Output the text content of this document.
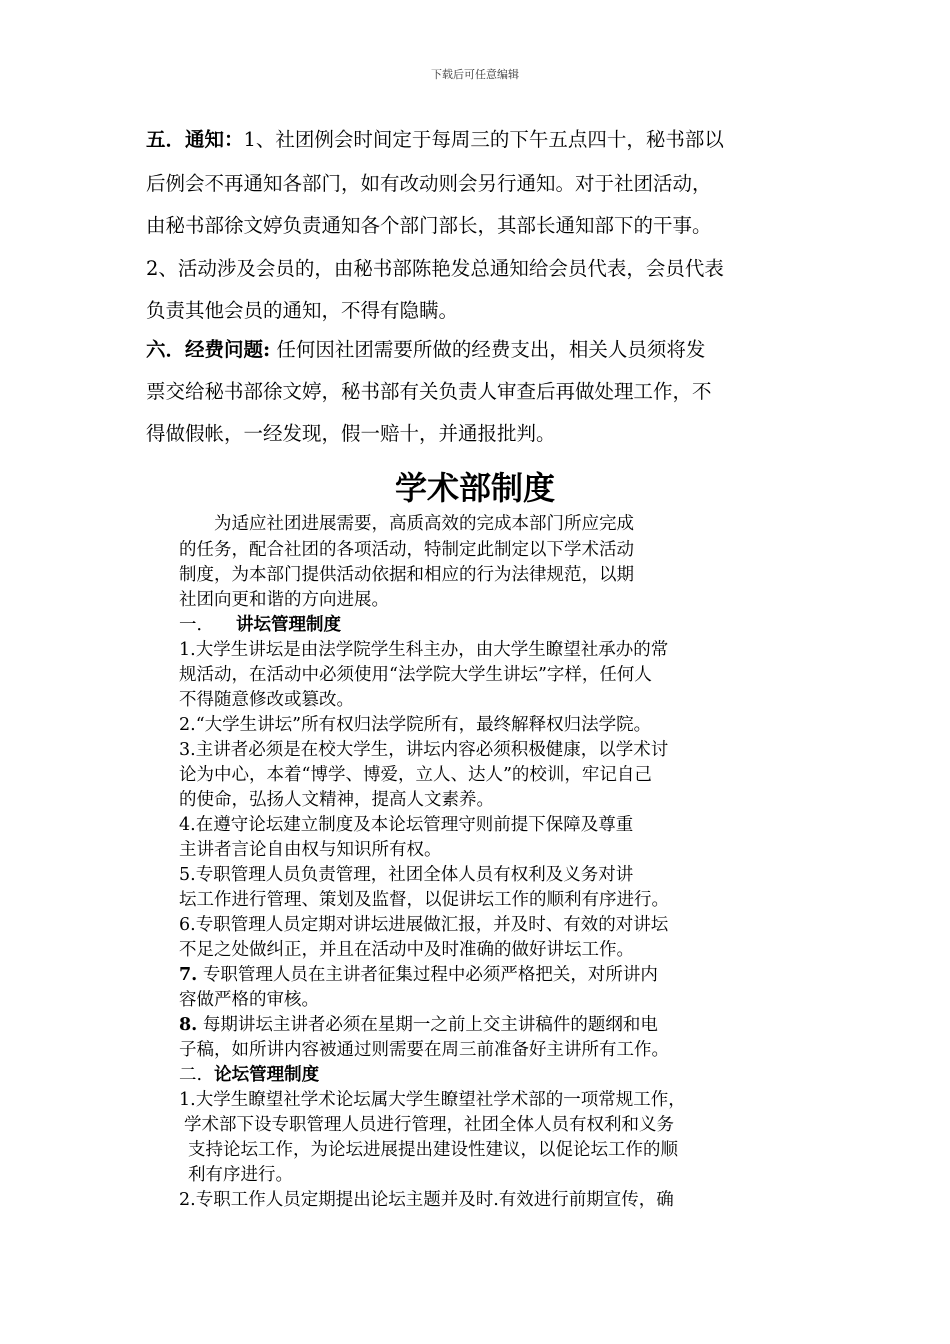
下载后可任意编辑
五．通知：1、社团例会时间定于每周三的下午五点四十，秘书部以
后例会不再通知各部门，如有改动则会另行通知。对于社团活动，
由秘书部徐文婷负责通知各个部门部长，其部长通知部下的干事。
2、活动涉及会员的，由秘书部陈艳发总通知给会员代表，会员代表
负责其他会员的通知，不得有隐瞒。
六．经费问题: 任何因社团需要所做的经费支出，相关人员须将发
票交给秘书部徐文婷，秘书部有关负责人审查后再做处理工作，不
得做假帐，一经发现，假一赔十，并通报批判。
学术部制度
为适应社团进展需要，高质高效的完成本部门所应完成
的任务，配合社团的各项活动，特制定此制定以下学术活动
制度，为本部门提供活动依据和相应的行为法律规范，以期
社团向更和谐的方向进展。
一． 讲坛管理制度
1.大学生讲坛是由法学院学生科主办，由大学生瞭望社承办的常
规活动，在活动中必须使用“法学院大学生讲坛”字样，任何人
不得随意修改或篡改。
2.“大学生讲坛”所有权归法学院所有，最终解释权归法学院。
3.主讲者必须是在校大学生，讲坛内容必须积极健康，以学术讨
论为中心，本着“博学、博爱，立人、达人”的校训，牢记自己
的使命，弘扬人文精神，提高人文素养。
4.在遵守论坛建立制度及本论坛管理守则前提下保障及尊重
主讲者言论自由权与知识所有权。
5.专职管理人员负责管理，社团全体人员有权利及义务对讲
坛工作进行管理、策划及监督，以促讲坛工作的顺利有序进行。
6.专职管理人员定期对讲坛进展做汇报，并及时、有效的对讲坛
不足之处做纠正，并且在活动中及时准确的做好讲坛工作。
7. 专职管理人员在主讲者征集过程中必须严格把关，对所讲内
容做严格的审核。
8. 每期讲坛主讲者必须在星期一之前上交主讲稿件的题纲和电
子稿，如所讲内容被通过则需要在周三前准备好主讲所有工作。
二. 论坛管理制度
1.大学生瞭望社学术论坛属大学生瞭望社学术部的一项常规工作，
学术部下设专职管理人员进行管理，社团全体人员有权利和义务
支持论坛工作，为论坛进展提出建设性建议，以促论坛工作的顺
利有序进行。
2.专职工作人员定期提出论坛主题并及时.有效进行前期宣传，确
